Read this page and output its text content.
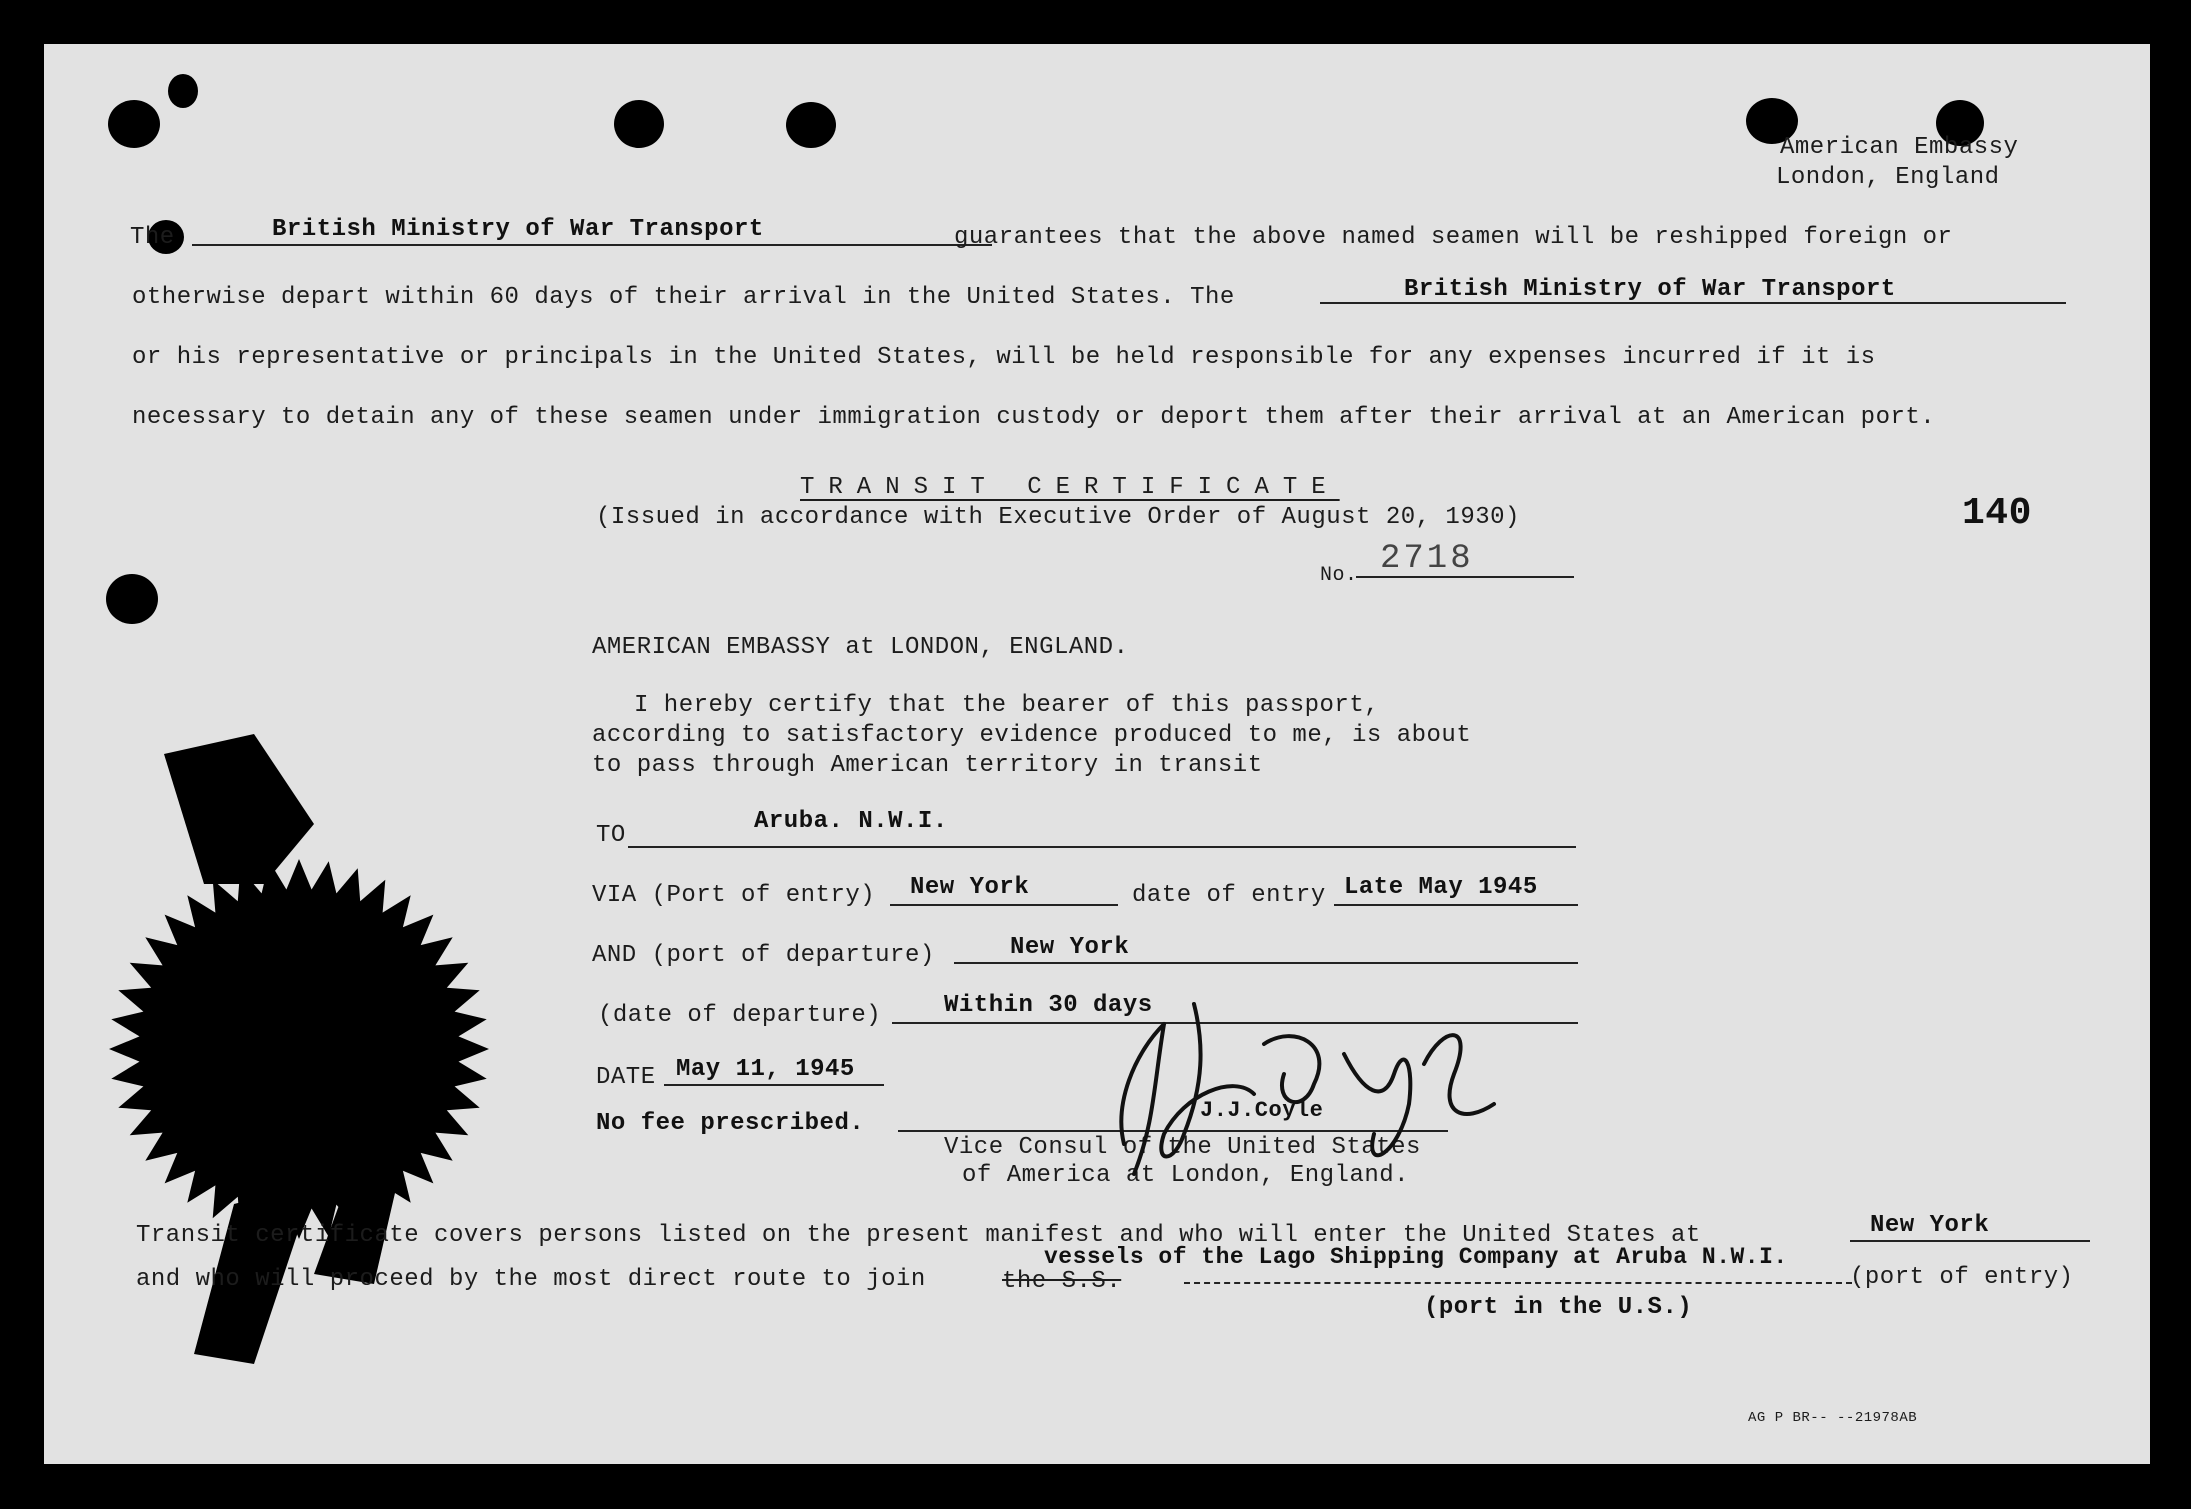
American Embassy
London, England
The	British Ministry of War Transport	guarantees that the above named seamen will be reshipped foreign or
otherwise depart within 60 days of their arrival in the United States. The	British Ministry of War Transport
or his representative or principals in the United States, will be held responsible for any expenses incurred if it is
necessary to detain any of these seamen under immigration custody or deport them after their arrival at an American port.
TRANSIT CERTIFICATE
(Issued in accordance with Executive Order of August 20, 1930)	140
No. 2718
AMERICAN EMBASSY at LONDON, ENGLAND.
I hereby certify that the bearer of this passport,
according to satisfactory evidence produced to me, is about
to pass through American territory in transit
TO
Aruba. N.W.I.
VIA (Port of entry) New York	date of entry Late May 1945
AND (port of departure)	New York
(date of departure)	Within 30 days
DATE May 11, 1945
No fee prescribed.	J.J.Coyle
Vice Consul of the United States
of America at London, England.
Transit certificate covers persons listed on the present manifest and who will enter the United States at	New York
and who will proceed by the most direct route to join	the S.S.
vessels of the Lago Shipping Company at Aruba N.W.I.
(port of entry)
(port in the U.S.)
AG P BR-- --21978AB
